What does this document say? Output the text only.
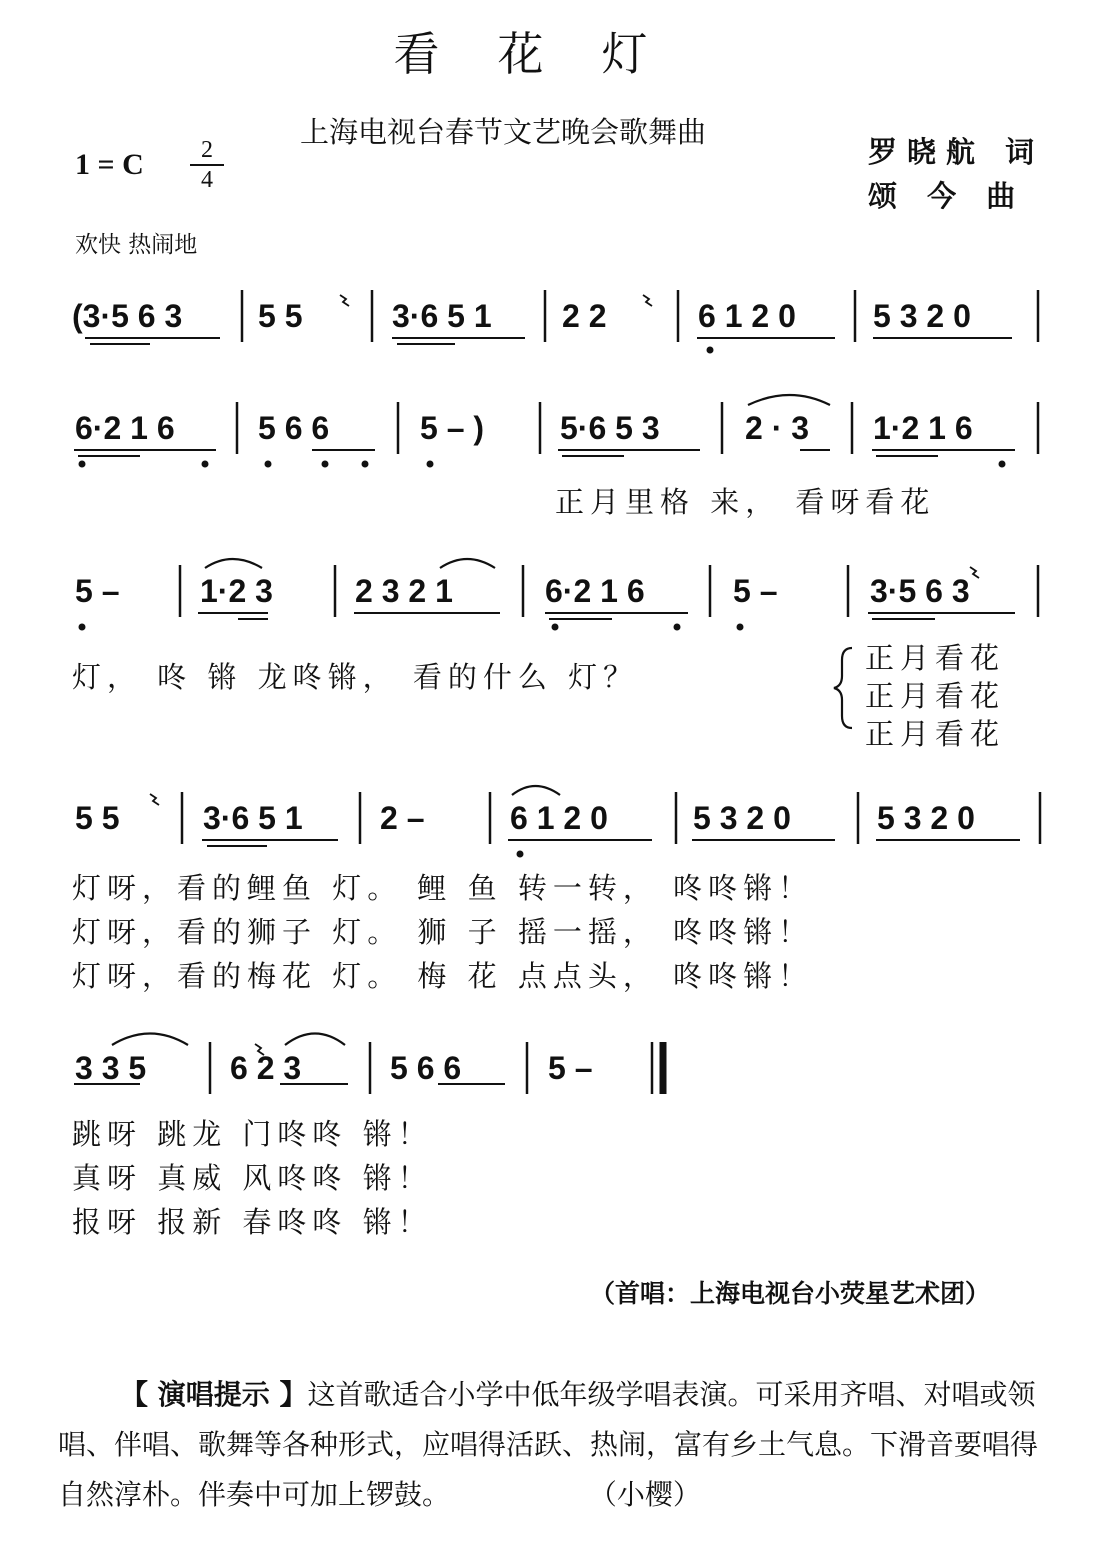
看花灯
上海电视台春节文艺晚会歌舞曲
1 = C	2
4
罗晓航 词
颂 今 曲
欢快 热闹地
(3·5 6 3 5 5	3·6 5 1 2 2	6 1 2 0 5 3 2 0
6·2 1 6	5 6 6	5 – ) 5·6 5 3	2 · 3 1·2 1 6
正月里格 来， 看呀看花
5 –	1·2 3	2 3 2 1	6·2 1 6	5 –	3·5 6 3
灯， 咚 锵 龙咚锵， 看的什么 灯？
正月看花
正月看花
正月看花
5 5	3·6 5 1 2 –	6 1 2 0	5 3 2 0	5 3 2 0
灯呀，看的鲤鱼 灯。 鲤 鱼 转一转， 咚咚锵！
灯呀，看的狮子 灯。 狮 子 摇一摇， 咚咚锵！
灯呀，看的梅花 灯。 梅 花 点点头， 咚咚锵！
3 3 5	6 2 3	5 6 6	5 –
跳呀 跳龙 门咚咚 锵！
真呀 真威 风咚咚 锵！
报呀 报新 春咚咚 锵！
（首唱：上海电视台小荧星艺术团）
【 演唱提示 】这首歌适合小学中低年级学唱表演。可采用齐唱、对唱或领唱、伴唱、歌舞等各种形式，应唱得活跃、热闹，富有乡土气息。下滑音要唱得自然淳朴。伴奏中可加上锣鼓。	（小樱）
